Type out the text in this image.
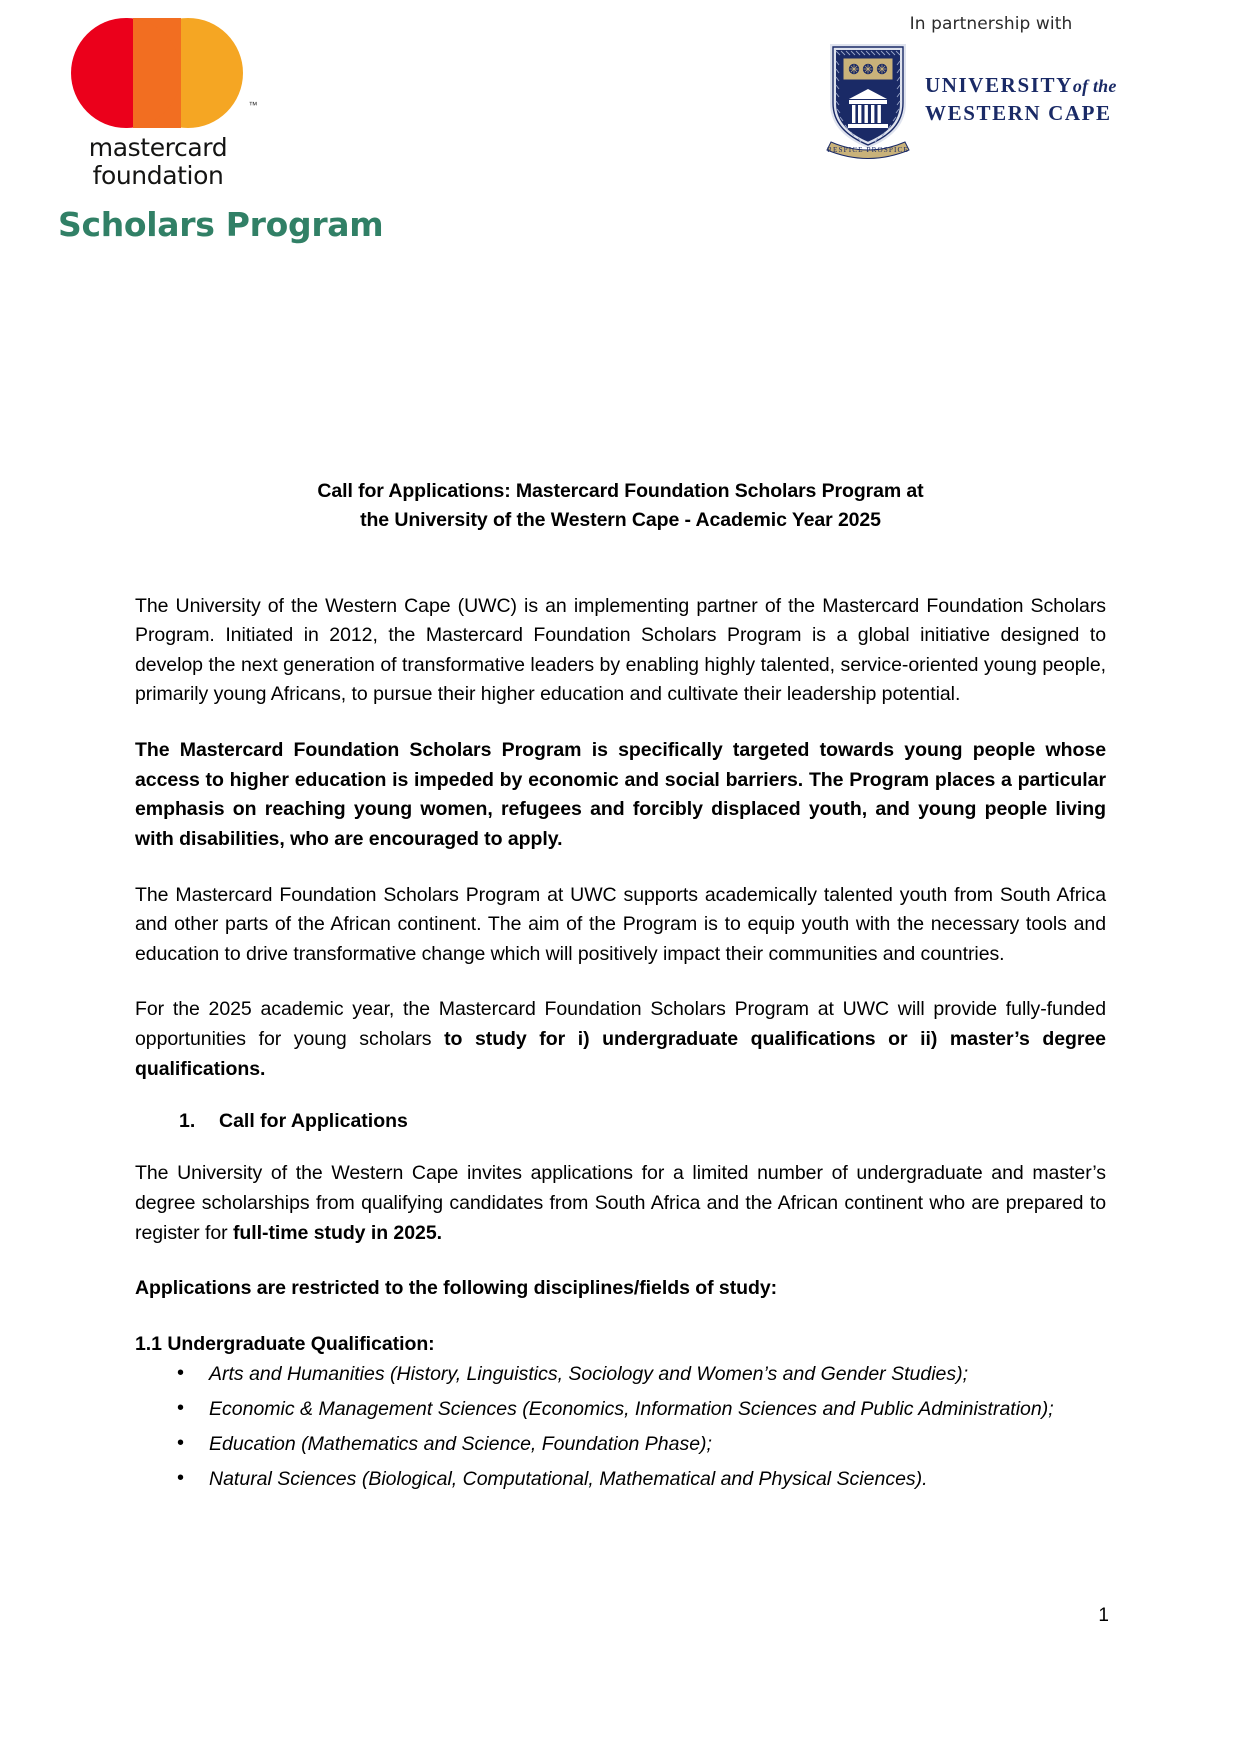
™
mastercard
foundation
In partnership with
RESPICE PROSPICE
UNIVERSITYof the
WESTERN CAPE
Scholars Program
Call for Applications: Mastercard Foundation Scholars Program at
the University of the Western Cape - Academic Year 2025

The University of the Western Cape (UWC) is an implementing partner of the Mastercard Foundation Scholars Program. Initiated in 2012, the Mastercard Foundation Scholars Program is a global initiative designed to develop the next generation of transformative leaders by enabling highly talented, service-oriented young people, primarily young Africans, to pursue their higher education and cultivate their leadership potential.

The Mastercard Foundation Scholars Program is specifically targeted towards young people whose access to higher education is impeded by economic and social barriers. The Program places a particular emphasis on reaching young women, refugees and forcibly displaced youth, and young people living with disabilities, who are encouraged to apply.

The Mastercard Foundation Scholars Program at UWC supports academically talented youth from South Africa and other parts of the African continent. The aim of the Program is to equip youth with the necessary tools and education to drive transformative change which will positively impact their communities and countries.

For the 2025 academic year, the Mastercard Foundation Scholars Program at UWC will provide fully-funded opportunities for young scholars to study for i) undergraduate qualifications or ii) master’s degree qualifications.

1. Call for Applications

The University of the Western Cape invites applications for a limited number of undergraduate and master’s degree scholarships from qualifying candidates from South Africa and the African continent who are prepared to register for full-time study in 2025.

Applications are restricted to the following disciplines/fields of study:

1.1 Undergraduate Qualification:

• Arts and Humanities (History, Linguistics, Sociology and Women’s and Gender Studies);
• Economic & Management Sciences (Economics, Information Sciences and Public Administration);
• Education (Mathematics and Science, Foundation Phase);
• Natural Sciences (Biological, Computational, Mathematical and Physical Sciences).
1
